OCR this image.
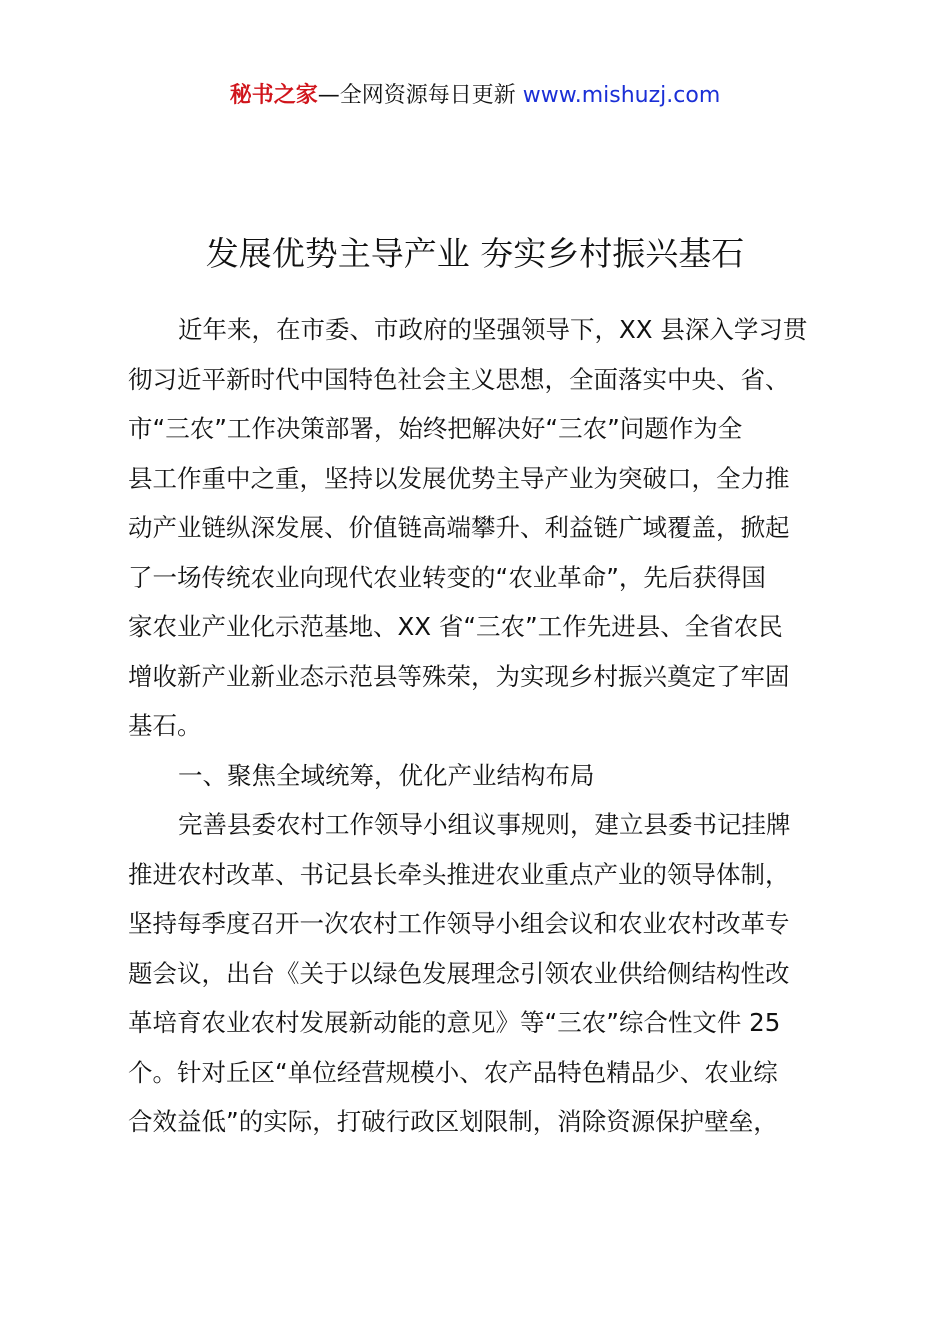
秘书之家—全网资源每日更新 www.mishuzj.com
发展优势主导产业 夯实乡村振兴基石
近年来，在市委、市政府的坚强领导下，XX 县深入学习贯
彻习近平新时代中国特色社会主义思想，全面落实中央、省、
市“三农”工作决策部署，始终把解决好“三农”问题作为全
县工作重中之重，坚持以发展优势主导产业为突破口，全力推
动产业链纵深发展、价值链高端攀升、利益链广域覆盖，掀起
了一场传统农业向现代农业转变的“农业革命”，先后获得国
家农业产业化示范基地、XX 省“三农”工作先进县、全省农民
增收新产业新业态示范县等殊荣，为实现乡村振兴奠定了牢固
基石。
一、聚焦全域统筹，优化产业结构布局
完善县委农村工作领导小组议事规则，建立县委书记挂牌
推进农村改革、书记县长牵头推进农业重点产业的领导体制，
坚持每季度召开一次农村工作领导小组会议和农业农村改革专
题会议，出台《关于以绿色发展理念引领农业供给侧结构性改
革培育农业农村发展新动能的意见》等“三农”综合性文件 25
个。针对丘区“单位经营规模小、农产品特色精品少、农业综
合效益低”的实际，打破行政区划限制，消除资源保护壁垒，
